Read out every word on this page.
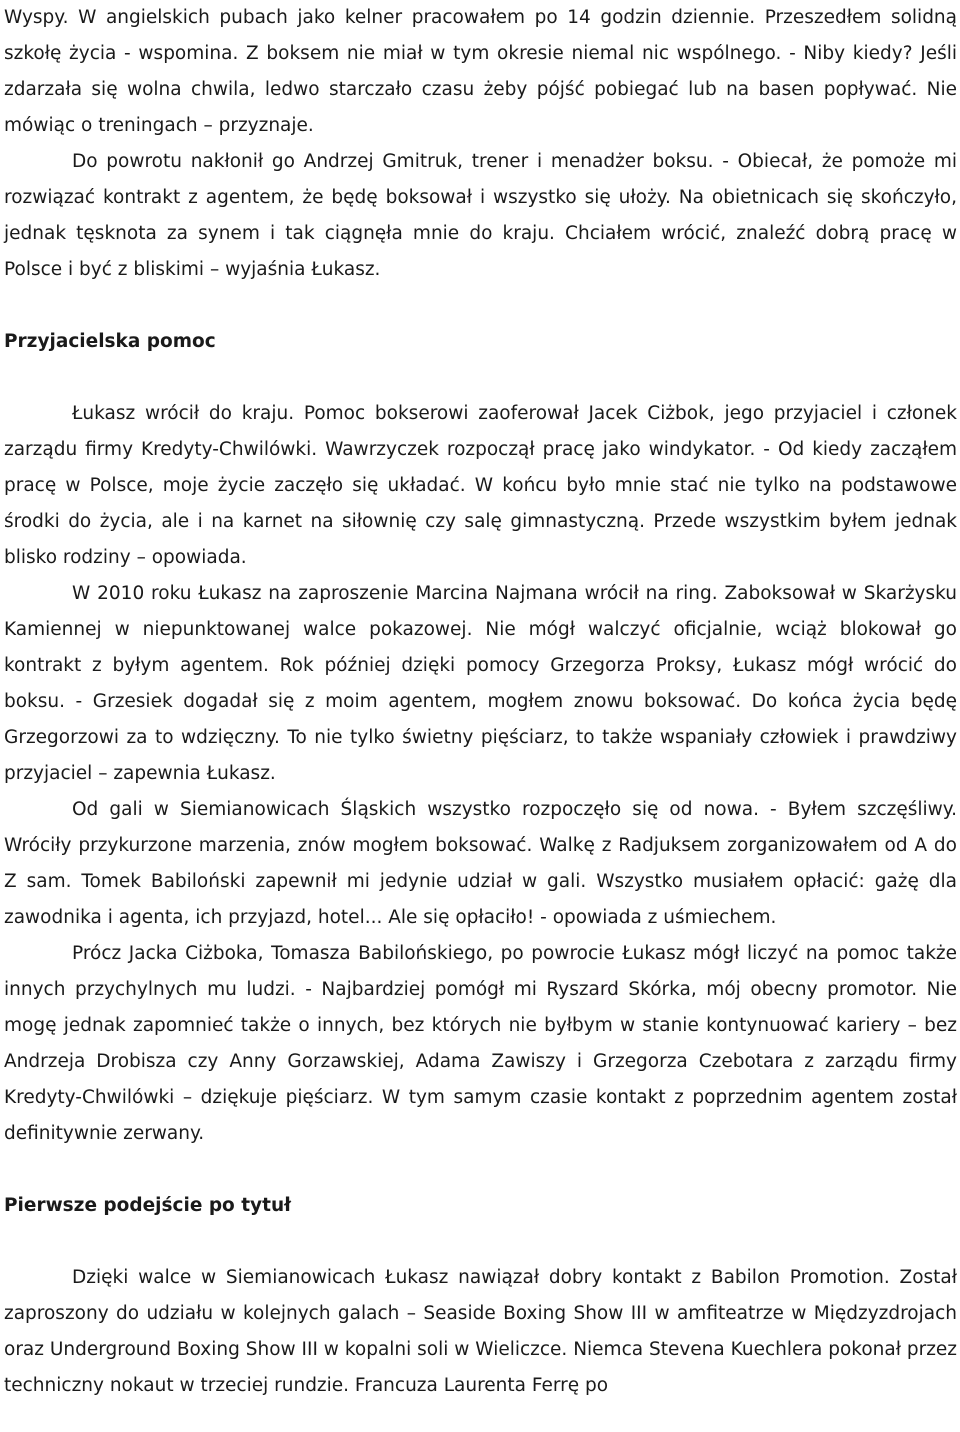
Wyspy. W angielskich pubach jako kelner pracowałem po 14 godzin dziennie. Przeszedłem solidną szkołę życia - wspomina. Z boksem nie miał w tym okresie niemal nic wspólnego. - Niby kiedy? Jeśli zdarzała się wolna chwila, ledwo starczało czasu żeby pójść pobiegać lub na basen popływać. Nie mówiąc o treningach – przyznaje.

Do powrotu nakłonił go Andrzej Gmitruk, trener i menadżer boksu. - Obiecał, że pomoże mi rozwiązać kontrakt z agentem, że będę boksował i wszystko się ułoży. Na obietnicach się skończyło, jednak tęsknota za synem i tak ciągnęła mnie do kraju. Chciałem wrócić, znaleźć dobrą pracę w Polsce i być z bliskimi – wyjaśnia Łukasz.

Przyjacielska pomoc

Łukasz wrócił do kraju. Pomoc bokserowi zaoferował Jacek Ciżbok, jego przyjaciel i członek zarządu firmy Kredyty-Chwilówki. Wawrzyczek rozpoczął pracę jako windykator. - Od kiedy zacząłem pracę w Polsce, moje życie zaczęło się układać. W końcu było mnie stać nie tylko na podstawowe środki do życia, ale i na karnet na siłownię czy salę gimnastyczną. Przede wszystkim byłem jednak blisko rodziny – opowiada.

W 2010 roku Łukasz na zaproszenie Marcina Najmana wrócił na ring. Zaboksował w Skarżysku Kamiennej w niepunktowanej walce pokazowej. Nie mógł walczyć oficjalnie, wciąż blokował go kontrakt z byłym agentem. Rok później dzięki pomocy Grzegorza Proksy, Łukasz mógł wrócić do boksu. - Grzesiek dogadał się z moim agentem, mogłem znowu boksować. Do końca życia będę Grzegorzowi za to wdzięczny. To nie tylko świetny pięściarz, to także wspaniały człowiek i prawdziwy przyjaciel – zapewnia Łukasz.

Od gali w Siemianowicach Śląskich wszystko rozpoczęło się od nowa. - Byłem szczęśliwy. Wróciły przykurzone marzenia, znów mogłem boksować. Walkę z Radjuksem zorganizowałem od A do Z sam. Tomek Babiloński zapewnił mi jedynie udział w gali. Wszystko musiałem opłacić: gażę dla zawodnika i agenta, ich przyjazd, hotel... Ale się opłaciło! - opowiada z uśmiechem.

Prócz Jacka Ciżboka, Tomasza Babilońskiego, po powrocie Łukasz mógł liczyć na pomoc także innych przychylnych mu ludzi. - Najbardziej pomógł mi Ryszard Skórka, mój obecny promotor. Nie mogę jednak zapomnieć także o innych, bez których nie byłbym w stanie kontynuować kariery – bez Andrzeja Drobisza czy Anny Gorzawskiej, Adama Zawiszy i Grzegorza Czebotara z zarządu firmy Kredyty-Chwilówki – dziękuje pięściarz. W tym samym czasie kontakt z poprzednim agentem został definitywnie zerwany.

Pierwsze podejście po tytuł

Dzięki walce w Siemianowicach Łukasz nawiązał dobry kontakt z Babilon Promotion. Został zaproszony do udziału w kolejnych galach – Seaside Boxing Show III w amfiteatrze w Międzyzdrojach oraz Underground Boxing Show III w kopalni soli w Wieliczce. Niemca Stevena Kuechlera pokonał przez techniczny nokaut w trzeciej rundzie. Francuza Laurenta Ferrę po
